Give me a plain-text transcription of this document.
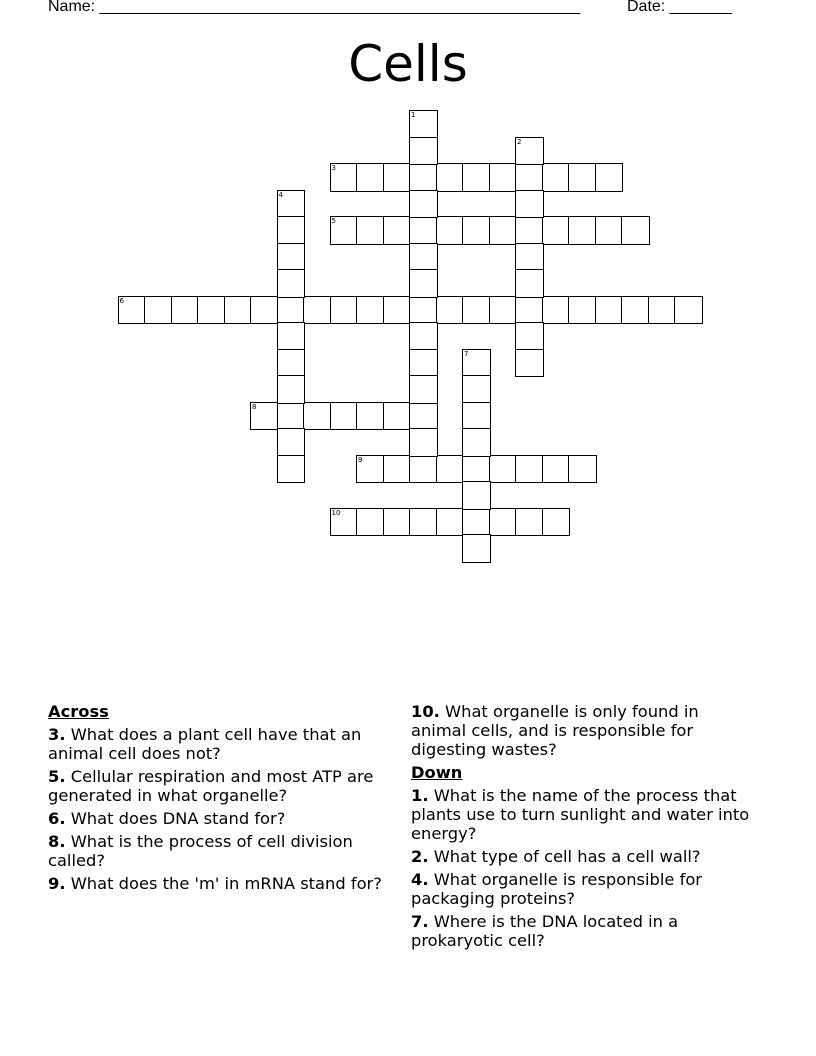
Name: ______________________________________________________	Date: _______
Cells
3
5
6
8
9
10
1
2
4
7
Across
3. What does a plant cell have that an animal cell does not?
5. Cellular respiration and most ATP are generated in what organelle?
6. What does DNA stand for?
8. What is the process of cell division called?
9. What does the 'm' in mRNA stand for?
10. What organelle is only found in animal cells, and is responsible for digesting wastes?
Down
1. What is the name of the process that plants use to turn sunlight and water into energy?
2. What type of cell has a cell wall?
4. What organelle is responsible for packaging proteins?
7. Where is the DNA located in a prokaryotic cell?
